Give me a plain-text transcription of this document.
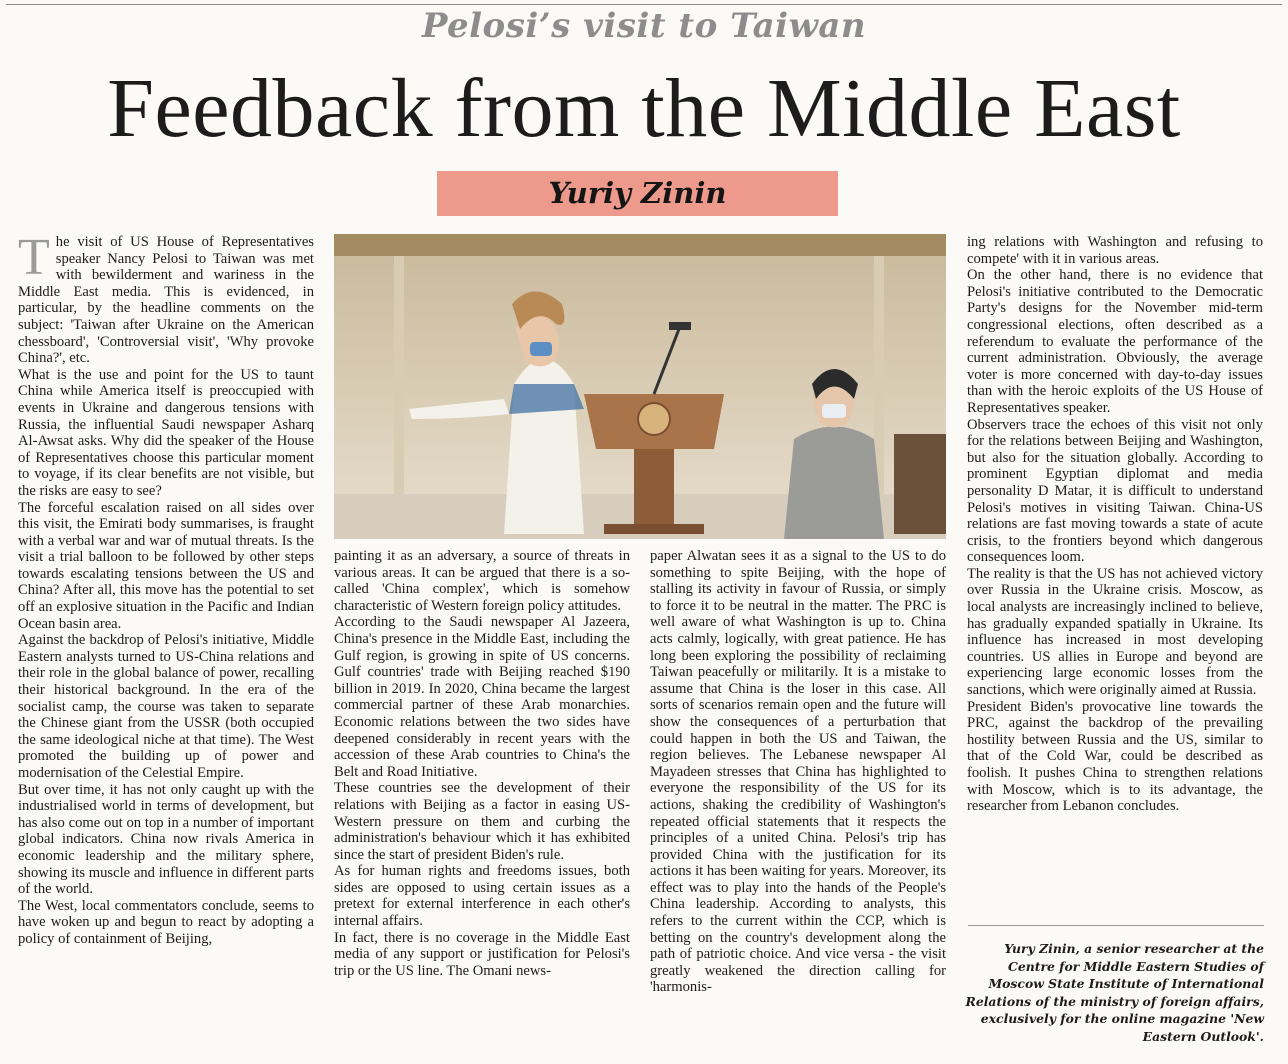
Pelosi’s visit to Taiwan
Feedback from the Middle East
Yuriy Zinin
T he visit of US House of Representatives speaker Nancy Pelosi to Taiwan was met with bewilderment and wariness in the Middle East media. This is evidenced, in particular, by the headline comments on the subject: 'Taiwan after Ukraine on the American chessboard', 'Controversial visit', 'Why provoke China?', etc.

What is the use and point for the US to taunt China while America itself is preoccupied with events in Ukraine and dangerous tensions with Russia, the influential Saudi newspaper Asharq Al-Awsat asks. Why did the speaker of the House of Representatives choose this particular moment to voyage, if its clear benefits are not visible, but the risks are easy to see?

The forceful escalation raised on all sides over this visit, the Emirati body summarises, is fraught with a verbal war and war of mutual threats. Is the visit a trial balloon to be followed by other steps towards escalating tensions between the US and China? After all, this move has the potential to set off an explosive situation in the Pacific and Indian Ocean basin area.

Against the backdrop of Pelosi's initiative, Middle Eastern analysts turned to US-China relations and their role in the global balance of power, recalling their historical background. In the era of the socialist camp, the course was taken to separate the Chinese giant from the USSR (both occupied the same ideological niche at that time). The West promoted the building up of power and modernisation of the Celestial Empire.

But over time, it has not only caught up with the industrialised world in terms of development, but has also come out on top in a number of important global indicators. China now rivals America in economic leadership and the military sphere, showing its muscle and influence in different parts of the world.

The West, local commentators conclude, seems to have woken up and begun to react by adopting a policy of containment of Beijing,

painting it as an adversary, a source of threats in various areas. It can be argued that there is a so-called 'China complex', which is somehow characteristic of Western foreign policy attitudes.

According to the Saudi newspaper Al Jazeera, China's presence in the Middle East, including the Gulf region, is growing in spite of US concerns. Gulf countries' trade with Beijing reached $190 billion in 2019. In 2020, China became the largest commercial partner of these Arab monarchies. Economic relations between the two sides have deepened considerably in recent years with the accession of these Arab countries to China's the Belt and Road Initiative.

These countries see the development of their relations with Beijing as a factor in easing US-Western pressure on them and curbing the administration's behaviour which it has exhibited since the start of president Biden's rule.

As for human rights and freedoms issues, both sides are opposed to using certain issues as a pretext for external interference in each other's internal affairs.

In fact, there is no coverage in the Middle East media of any support or justification for Pelosi's trip or the US line. The Omani news-

paper Alwatan sees it as a signal to the US to do something to spite Beijing, with the hope of stalling its activity in favour of Russia, or simply to force it to be neutral in the matter. The PRC is well aware of what Washington is up to. China acts calmly, logically, with great patience. He has long been exploring the possibility of reclaiming Taiwan peacefully or militarily. It is a mistake to assume that China is the loser in this case. All sorts of scenarios remain open and the future will show the consequences of a perturbation that could happen in both the US and Taiwan, the region believes. The Lebanese newspaper Al Mayadeen stresses that China has highlighted to everyone the responsibility of the US for its actions, shaking the credibility of Washington's repeated official statements that it respects the principles of a united China. Pelosi's trip has provided China with the justification for its actions it has been waiting for years. Moreover, its effect was to play into the hands of the People's China leadership. According to analysts, this refers to the current within the CCP, which is betting on the country's development along the path of patriotic choice. And vice versa - the visit greatly weakened the direction calling for 'harmonis-

ing relations with Washington and refusing to compete' with it in various areas.

On the other hand, there is no evidence that Pelosi's initiative contributed to the Democratic Party's designs for the November mid-term congressional elections, often described as a referendum to evaluate the performance of the current administration. Obviously, the average voter is more concerned with day-to-day issues than with the heroic exploits of the US House of Representatives speaker.

Observers trace the echoes of this visit not only for the relations between Beijing and Washington, but also for the situation globally. According to prominent Egyptian diplomat and media personality D Matar, it is difficult to understand Pelosi's motives in visiting Taiwan. China-US relations are fast moving towards a state of acute crisis, to the frontiers beyond which dangerous consequences loom.

The reality is that the US has not achieved victory over Russia in the Ukraine crisis. Moscow, as local analysts are increasingly inclined to believe, has gradually expanded spatially in Ukraine. Its influence has increased in most developing countries. US allies in Europe and beyond are experiencing large economic losses from the sanctions, which were originally aimed at Russia.

President Biden's provocative line towards the PRC, against the backdrop of the prevailing hostility between Russia and the US, similar to that of the Cold War, could be described as foolish. It pushes China to strengthen relations with Moscow, which is to its advantage, the researcher from Lebanon concludes.

Yury Zinin, a senior researcher at the Centre for Middle Eastern Studies of Moscow State Institute of International Relations of the ministry of foreign affairs, exclusively for the online magazine 'New Eastern Outlook'.
